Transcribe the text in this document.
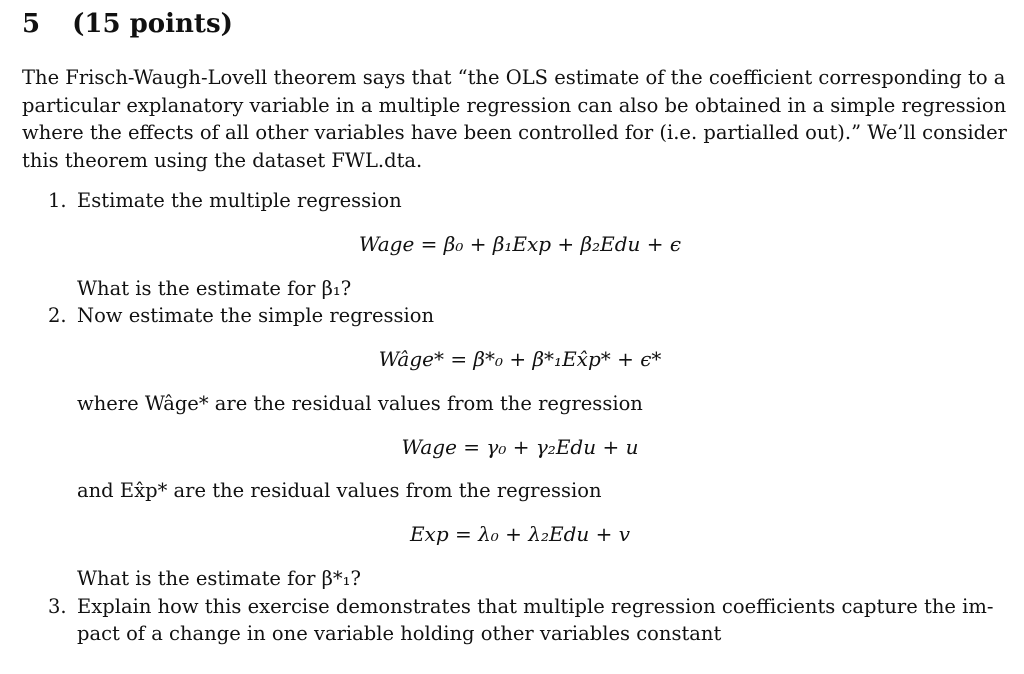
5 (15 points)
The Frisch-Waugh-Lovell theorem says that “the OLS estimate of the coefficient corresponding to a
particular explanatory variable in a multiple regression can also be obtained in a simple regression
where the effects of all other variables have been controlled for (i.e. partialled out).” We’ll consider
this theorem using the dataset FWL.dta.
1. Estimate the multiple regression
Wage = β₀ + β₁Exp + β₂Edu + ϵ
What is the estimate for β₁?
2. Now estimate the simple regression
Wâge* = β*₀ + β*₁Ex̂p* + ϵ*
where Wâge* are the residual values from the regression
Wage = γ₀ + γ₂Edu + u
and Ex̂p* are the residual values from the regression
Exp = λ₀ + λ₂Edu + v
What is the estimate for β*₁?
3. Explain how this exercise demonstrates that multiple regression coefficients capture the im-
pact of a change in one variable holding other variables constant
